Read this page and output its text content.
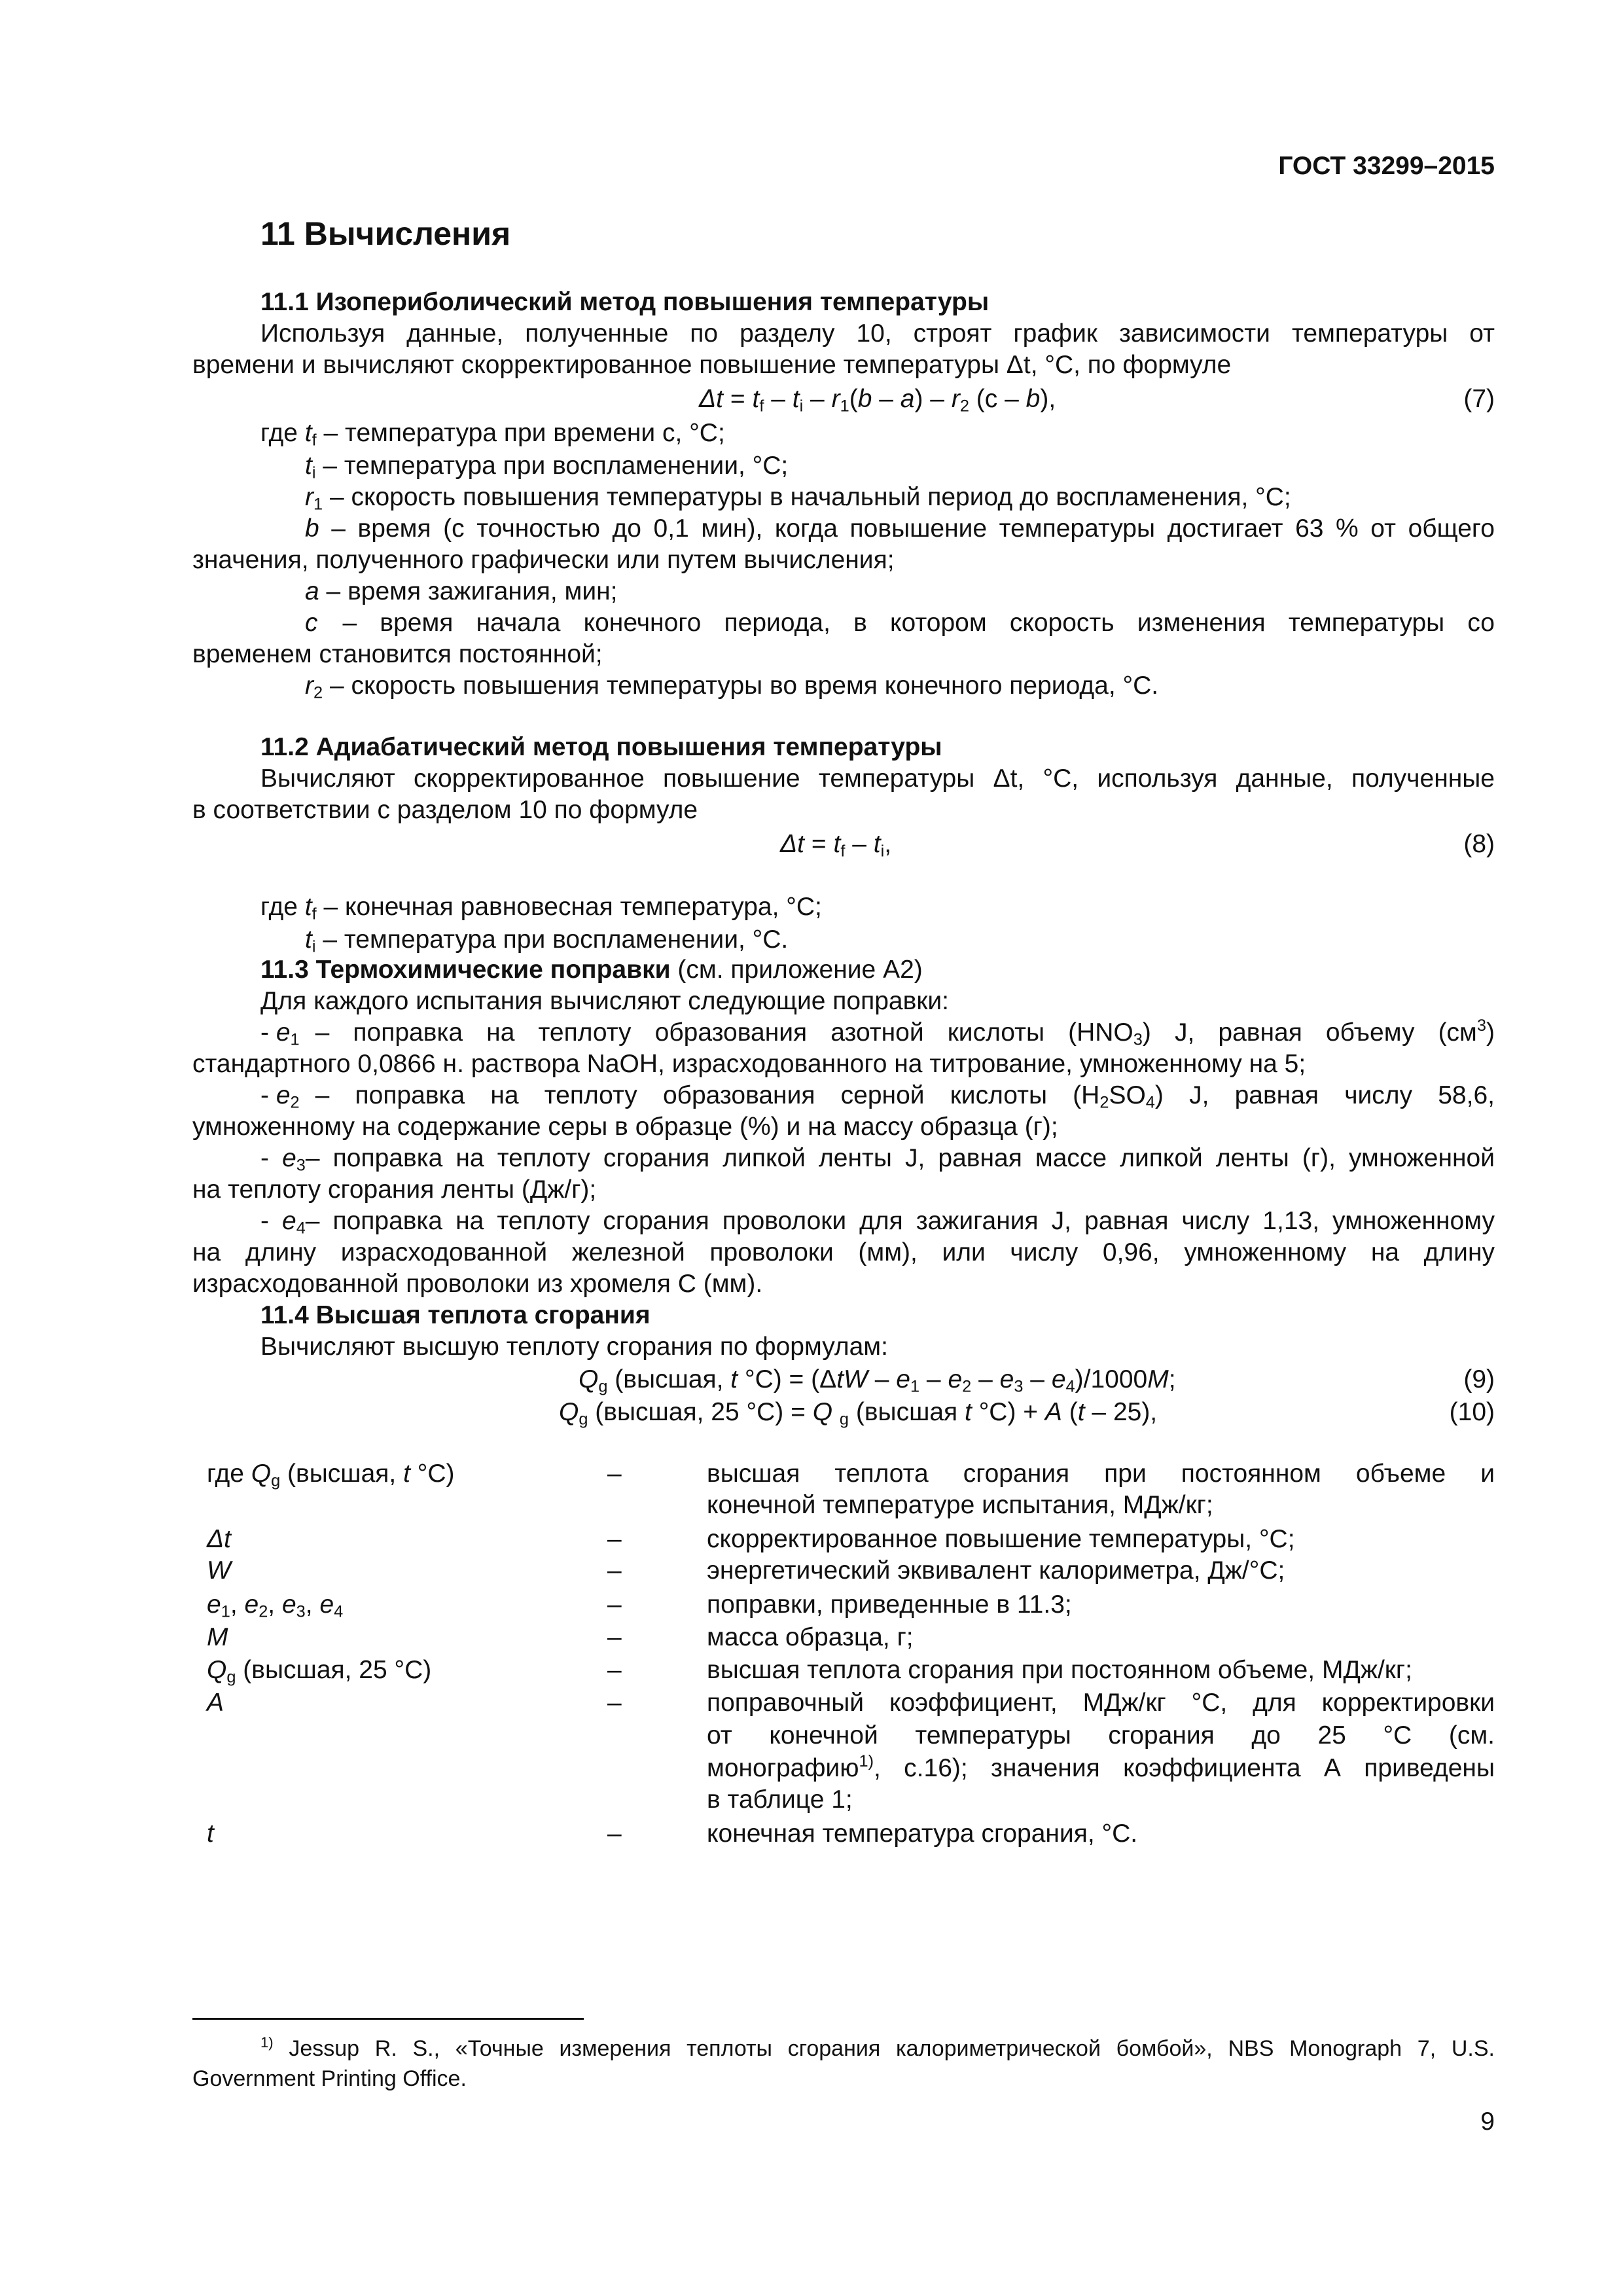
ГОСТ 33299–2015
11 Вычисления
11.1 Изопериболический метод повышения температуры
Используя данные, полученные по разделу 10, строят график зависимости температуры от
времени и вычисляют скорректированное повышение температуры Δt, °C, по формуле
$\Delta t = t_f - t_i - r_1(b - a) - r_2$ (c – b),	(7)
где $t_f$ – температура при времени c, °C;
$t_i$ – температура при воспламенении, °C;
$r_1$ – скорость повышения температуры в начальный период до воспламенения, °C;
b – время (с точностью до 0,1 мин), когда повышение температуры достигает 63 % от общего
значения, полученного графически или путем вычисления;
a – время зажигания, мин;
c – время начала конечного периода, в котором скорость изменения температуры со
временем становится постоянной;
$r_2$ – скорость повышения температуры во время конечного периода, °C.
11.2 Адиабатический метод повышения температуры
Вычисляют скорректированное повышение температуры Δt, °C, используя данные, полученные
в соответствии с разделом 10 по формуле
$\Delta t = t_f - t_i$,	(8)
где $t_f$ – конечная равновесная температура, °C;
$t_i$ – температура при воспламенении, °C.
11.3 Термохимические поправки (см. приложение А2)
Для каждого испытания вычисляют следующие поправки:
- $e_1$ – поправка на теплоту образования азотной кислоты $(HNO_3)$ J, равная объему $(см^3)$
стандартного 0,0866 н. раствора NaOH, израсходованного на титрование, умноженному на 5;
- $e_2$ – поправка на теплоту образования серной кислоты $(H_2SO_4)$ J, равная числу 58,6,
умноженному на содержание серы в образце (%) и на массу образца (г);
- $e_3-$ поправка на теплоту сгорания липкой ленты J, равная массе липкой ленты (г), умноженной
на теплоту сгорания ленты (Дж/г);
- $e_4-$ поправка на теплоту сгорания проволоки для зажигания J, равная числу 1,13, умноженному
на длину израсходованной железной проволоки (мм), или числу 0,96, умноженному на длину
израсходованной проволоки из хромеля С (мм).
11.4 Высшая теплота сгорания
Вычисляют высшую теплоту сгорания по формулам:
$Q_g$ (высшая, t $^\circ C) = (\Delta tW - e_1 - e_2 - e_3 - e_4)/1000M$;	(9)
$Q_g$ (высшая, 25 °C) = Q $_g$ (высшая t °C) + A (t – 25),	(10)
где $Q_g$ (высшая, t °C)	–	высшая теплота сгорания при постоянном объеме и
конечной температуре испытания, МДж/кг;
Δt	–	скорректированное повышение температуры, °C;
W	–	энергетический эквивалент калориметра, Дж/°C;
$e_1$, $e_2$, $e_3$, $e_4$	–	поправки, приведенные в 11.3;
M	–	масса образца, г;
$Q_g$ (высшая, 25 °C)	–	высшая теплота сгорания при постоянном объеме, МДж/кг;
A	–	поправочный коэффициент, МДж/кг °C, для корректировки
от конечной температуры сгорания до 25 °C (см.
монографию$^{1)}$, с.16); значения коэффициента А приведены
в таблице 1;
t	–	конечная температура сгорания, °C.
$^{1)}$ Jessup R. S., «Точные измерения теплоты сгорания калориметрической бомбой», NBS Monograph 7, U.S.
Government Printing Office.
9
